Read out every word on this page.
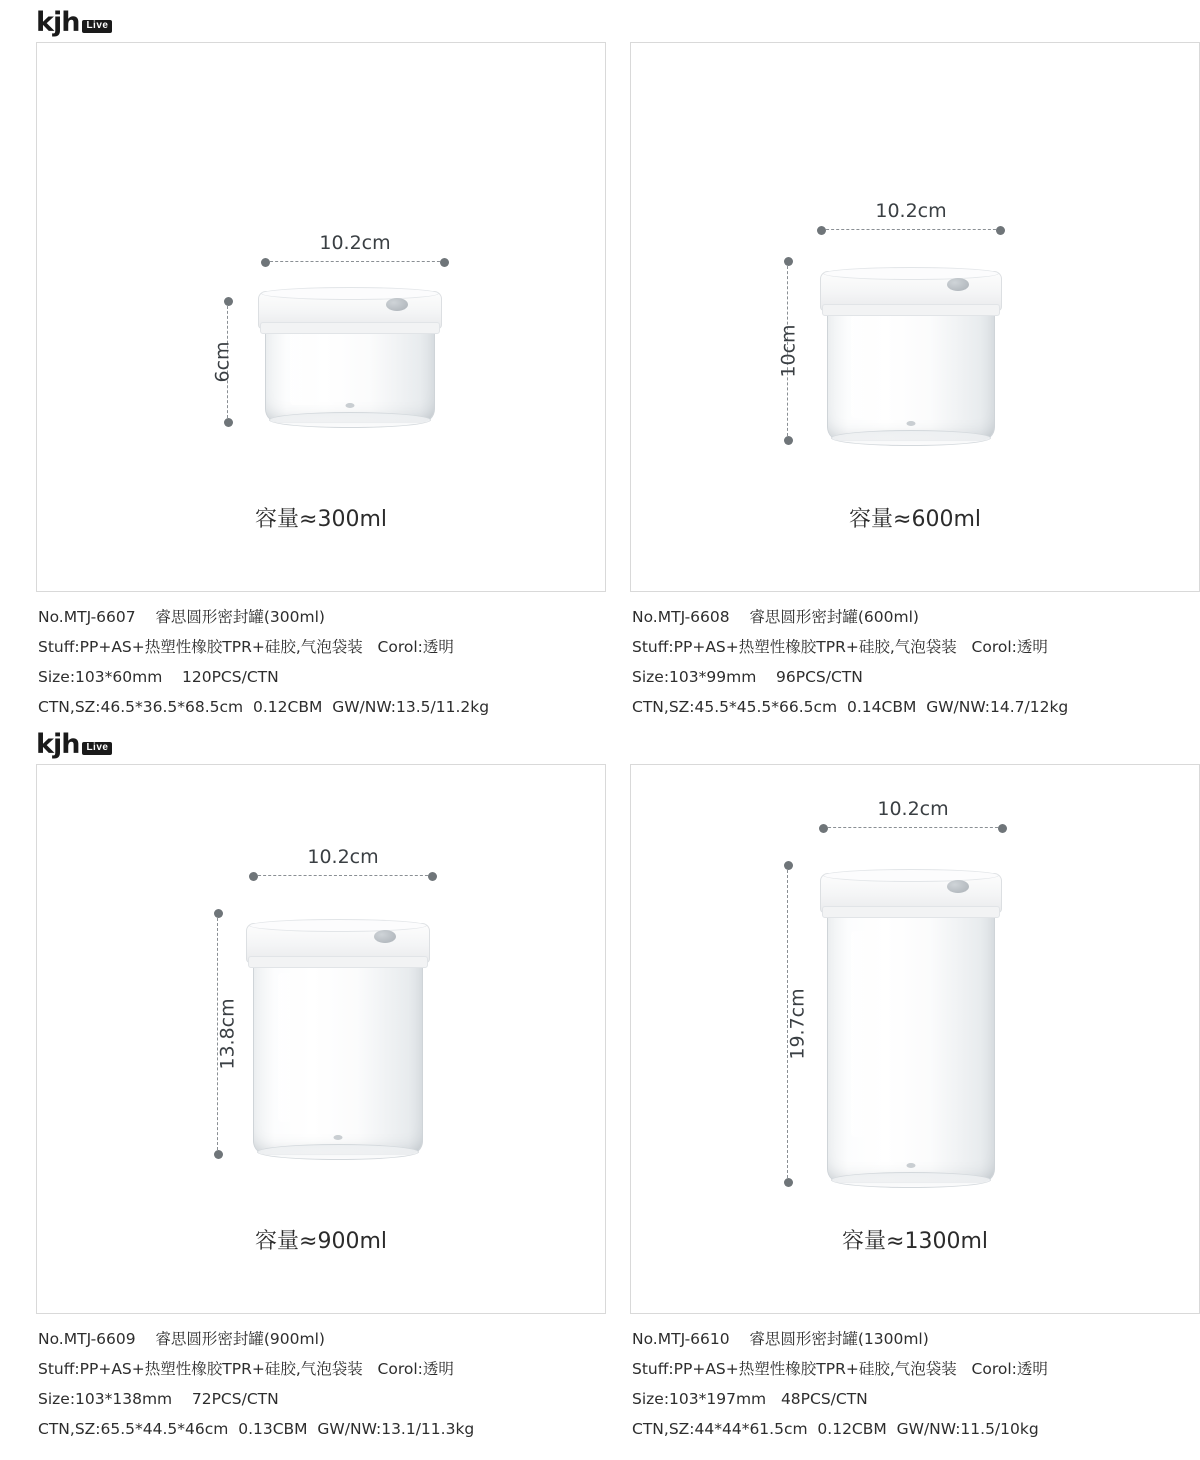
kjh Live
10.2cm
6cm
容量≈300ml
No.MTJ-6607    睿思圆形密封罐(300ml)
Stuff:PP+AS+热塑性橡胶TPR+硅胶,气泡袋装   Corol:透明
Size:103*60mm    120PCS/CTN
CTN,SZ:46.5*36.5*68.5cm  0.12CBM  GW/NW:13.5/11.2kg
10.2cm
10cm
容量≈600ml
No.MTJ-6608    睿思圆形密封罐(600ml)
Stuff:PP+AS+热塑性橡胶TPR+硅胶,气泡袋装   Corol:透明
Size:103*99mm    96PCS/CTN
CTN,SZ:45.5*45.5*66.5cm  0.14CBM  GW/NW:14.7/12kg
kjh Live
10.2cm
13.8cm
容量≈900ml
No.MTJ-6609    睿思圆形密封罐(900ml)
Stuff:PP+AS+热塑性橡胶TPR+硅胶,气泡袋装   Corol:透明
Size:103*138mm    72PCS/CTN
CTN,SZ:65.5*44.5*46cm  0.13CBM  GW/NW:13.1/11.3kg
10.2cm
19.7cm
容量≈1300ml
No.MTJ-6610    睿思圆形密封罐(1300ml)
Stuff:PP+AS+热塑性橡胶TPR+硅胶,气泡袋装   Corol:透明
Size:103*197mm   48PCS/CTN
CTN,SZ:44*44*61.5cm  0.12CBM  GW/NW:11.5/10kg
